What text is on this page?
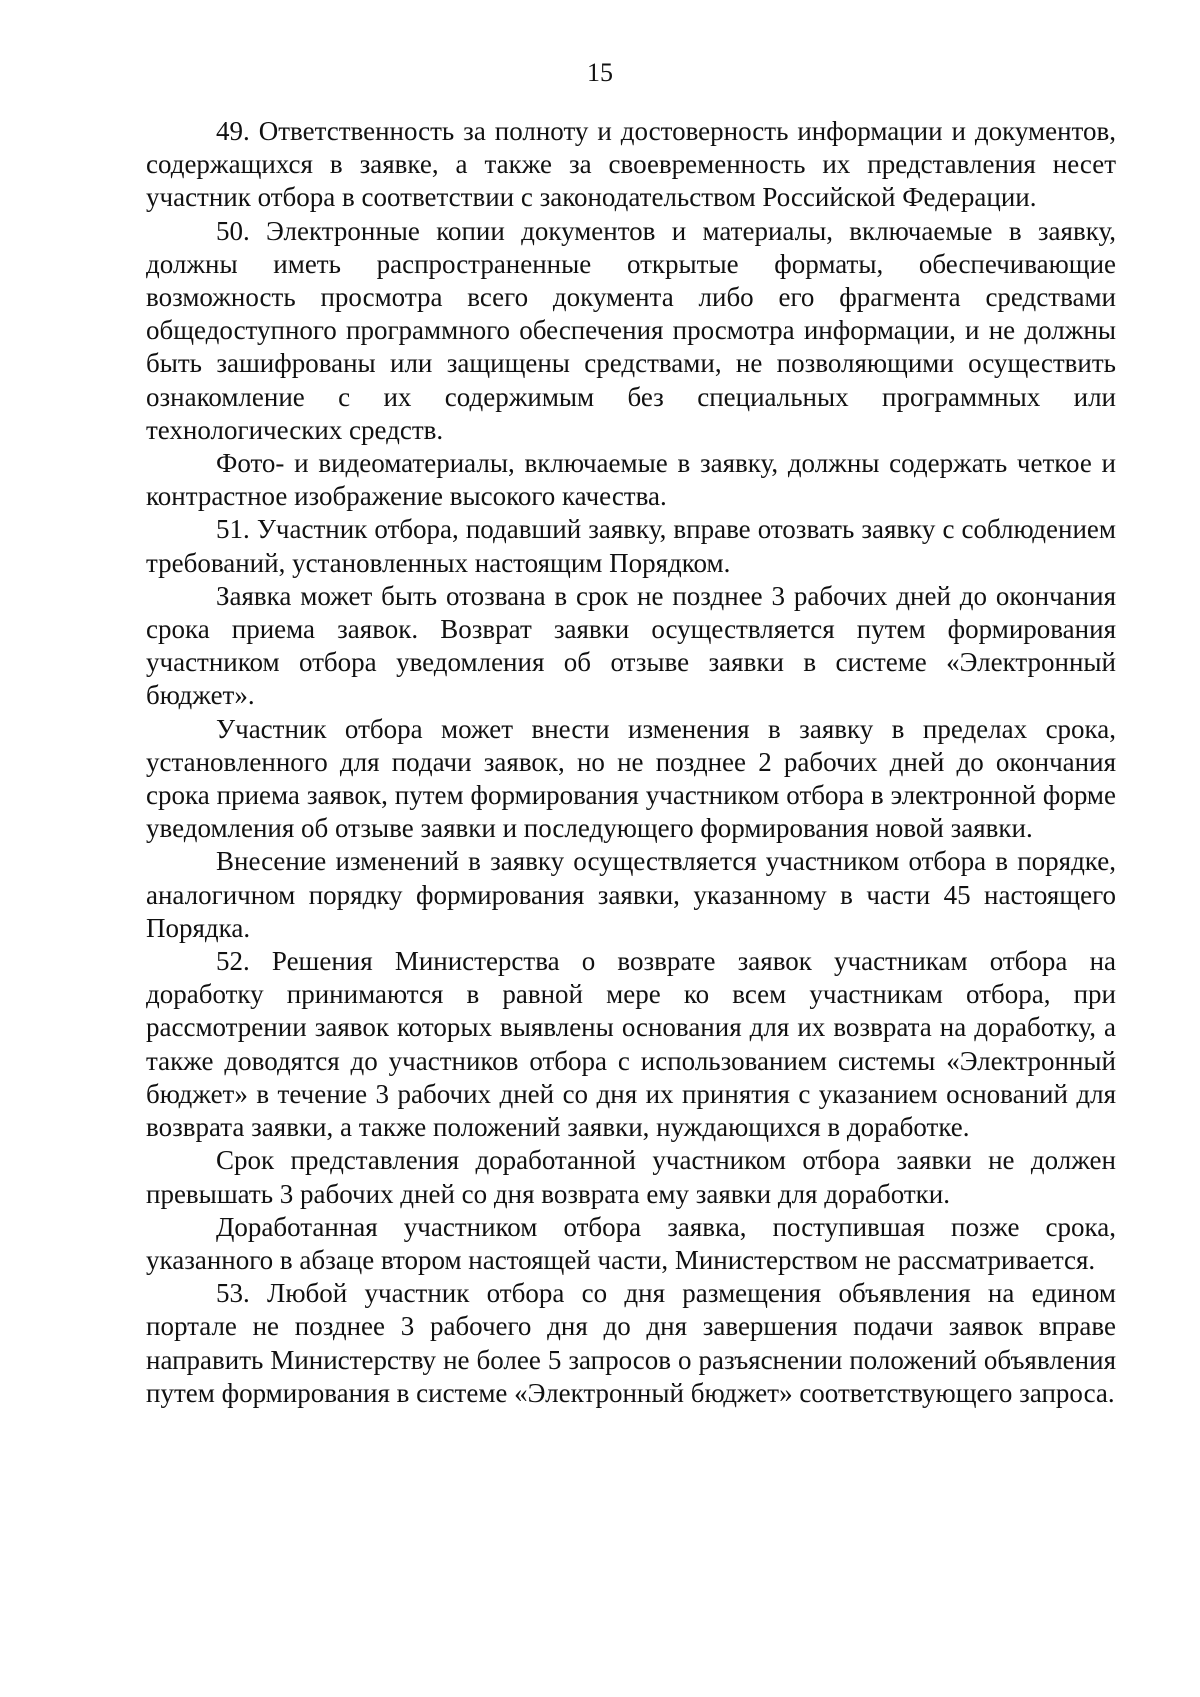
15

49. Ответственность за полноту и достоверность информации и документов, содержащихся в заявке, а также за своевременность их представления несет участник отбора в соответствии с законодательством Российской Федерации.

50. Электронные копии документов и материалы, включаемые в заявку, должны иметь распространенные открытые форматы, обеспечивающие возможность просмотра всего документа либо его фрагмента средствами общедоступного программного обеспечения просмотра информации, и не должны быть зашифрованы или защищены средствами, не позволяющими осуществить ознакомление с их содержимым без специальных программных или технологических средств.

Фото- и видеоматериалы, включаемые в заявку, должны содержать четкое и контрастное изображение высокого качества.

51. Участник отбора, подавший заявку, вправе отозвать заявку с соблюдением требований, установленных настоящим Порядком.

Заявка может быть отозвана в срок не позднее 3 рабочих дней до окончания срока приема заявок. Возврат заявки осуществляется путем формирования участником отбора уведомления об отзыве заявки в системе «Электронный бюджет».

Участник отбора может внести изменения в заявку в пределах срока, установленного для подачи заявок, но не позднее 2 рабочих дней до окончания срока приема заявок, путем формирования участником отбора в электронной форме уведомления об отзыве заявки и последующего формирования новой заявки.

Внесение изменений в заявку осуществляется участником отбора в порядке, аналогичном порядку формирования заявки, указанному в части 45 настоящего Порядка.

52. Решения Министерства о возврате заявок участникам отбора на доработку принимаются в равной мере ко всем участникам отбора, при рассмотрении заявок которых выявлены основания для их возврата на доработку, а также доводятся до участников отбора с использованием системы «Электронный бюджет» в течение 3 рабочих дней со дня их принятия с указанием оснований для возврата заявки, а также положений заявки, нуждающихся в доработке.

Срок представления доработанной участником отбора заявки не должен превышать 3 рабочих дней со дня возврата ему заявки для доработки.

Доработанная участником отбора заявка, поступившая позже срока, указанного в абзаце втором настоящей части, Министерством не рассматривается.

53. Любой участник отбора со дня размещения объявления на едином портале не позднее 3 рабочего дня до дня завершения подачи заявок вправе направить Министерству не более 5 запросов о разъяснении положений объявления путем формирования в системе «Электронный бюджет» соответствующего запроса.
